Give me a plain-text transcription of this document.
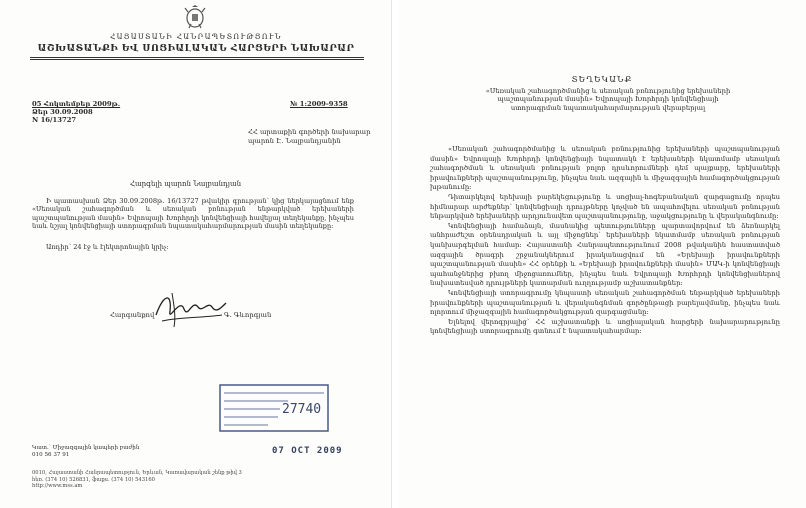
ՀԱՅԱՍՏԱՆԻ ՀԱՆՐԱՊԵՏՈՒԹՅՈՒՆ
ԱՇԽԱՏԱՆՔԻ ԵՎ ՍՈՑԻԱԼԱԿԱՆ ՀԱՐՑԵՐԻ ՆԱԽԱՐԱՐ
05 Հոկտեմբեր 2009թ.	№ 1:2009-9358
Ձեր 30.09.2008
N 16/13727
ՀՀ արտաքին գործերի նախարար
պարոն Է. Նալբանդյանին
Հարգելի պարոն Նալբանդյան

Ի պատասխան Ձեր 30.09.2008թ. 16/13727 թվակիր գրության՝ կից ներկայացնում ենք «Սեռական շահագործման և սեռական բռնության ենթարկված երեխաների պաշտպանության մասին» Եվրոպայի Խորհրդի կոնվենցիայի հավելյալ տեղեկանքը, ինչպես նաև նշյալ կոնվենցիայի ստորագրման նպատակահարմարության մասին տեղեկանքը:

Առդիր՝ 24 էջ և էլեկտրոնային կրիչ:
Հարգանքով	Գ. Գևորգյան
27740
07 OCT 2009
Կատ.՝ Միջազգային կապերի բաժին
010 56 37 91
0010, Հայաստանի Հանրապետություն, Երևան, Կառավարական շենք թիվ 3
հեռ. (374 10) 526831, ֆաքս. (374 10) 543160
http://www.mss.am
ՏԵՂԵԿԱՆՔ

«Սեռական շահագործմանից և սեռական բռնությունից երեխաների պաշտպանության մասին» Եվրոպայի Խորհրդի կոնվենցիայի ստորագրման նպատակահարմարության վերաբերյալ

«Սեռական շահագործմանից և սեռական բռնությունից երեխաների պաշտպանության մասին» Եվրոպայի Խորհրդի կոնվենցիայի նպատակն է երեխաների նկատմամբ սեռական շահագործման և սեռական բռնության բոլոր դրսևորումների դեմ պայքարը, երեխաների իրավունքների պաշտպանությունը, ինչպես նաև ազգային և միջազգային համագործակցության խթանումը:

Դիտարկելով երեխայի բարեկեցությունը և սոցիալ-հոգեբանական զարգացումը որպես հիմնարար արժեքներ՝ կոնվենցիայի դրույթները կոչված են ապահովելու սեռական բռնության ենթարկված երեխաների արդյունավետ պաշտպանությունը, աջակցությունը և վերականգնումը:

Կոնվենցիայի համաձայն, մասնակից պետությունները պարտավորվում են ձեռնարկել անհրաժեշտ օրենսդրական և այլ միջոցներ՝ երեխաների նկատմամբ սեռական բռնության կանխարգելման համար: Հայաստանի Հանրապետությունում 2008 թվականին հաստատված ազգային ծրագրի շրջանակներում իրականացվում են «Երեխայի իրավունքների պաշտպանության մասին» ՀՀ օրենքի և «Երեխայի իրավունքների մասին» ՄԱԿ-ի կոնվենցիայի պահանջներից բխող միջոցառումներ, ինչպես նաև Եվրոպայի Խորհրդի կոնվենցիաներով նախատեսված դրույթների կատարման ուղղությամբ աշխատանքներ:

Կոնվենցիայի ստորագրումը կնպաստի սեռական շահագործման ենթարկված երեխաների իրավունքների պաշտպանության և վերականգնման գործընթացի բարելավմանը, ինչպես նաև ոլորտում միջազգային համագործակցության զարգացմանը:

Ելնելով վերոգրյալից՝ ՀՀ աշխատանքի և սոցիալական հարցերի նախարարությունը կոնվենցիայի ստորագրումը գտնում է նպատակահարմար:
